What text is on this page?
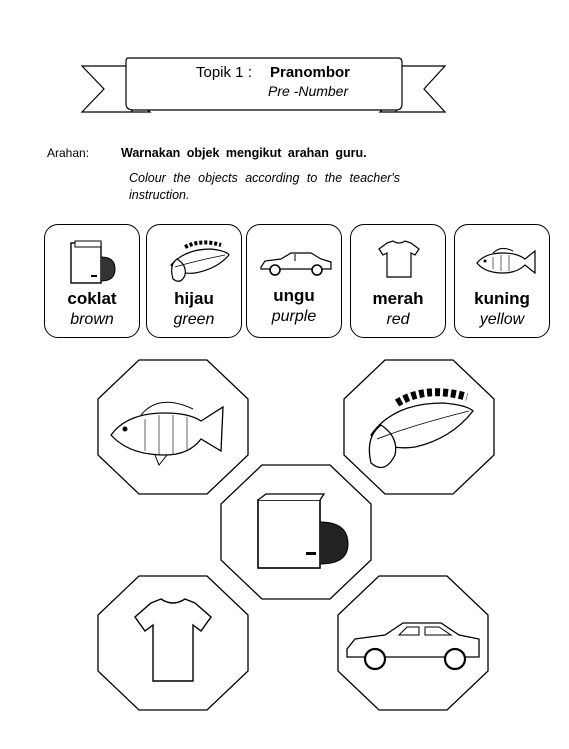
Topik 1 : Pranombor
Pre -Number
Arahan:	Warnakan objek mengikut arahan guru.
Colour the objects according to the teacher's instruction.
coklat
brown
hijau
green
ungu
purple
merah
red
kuning
yellow
